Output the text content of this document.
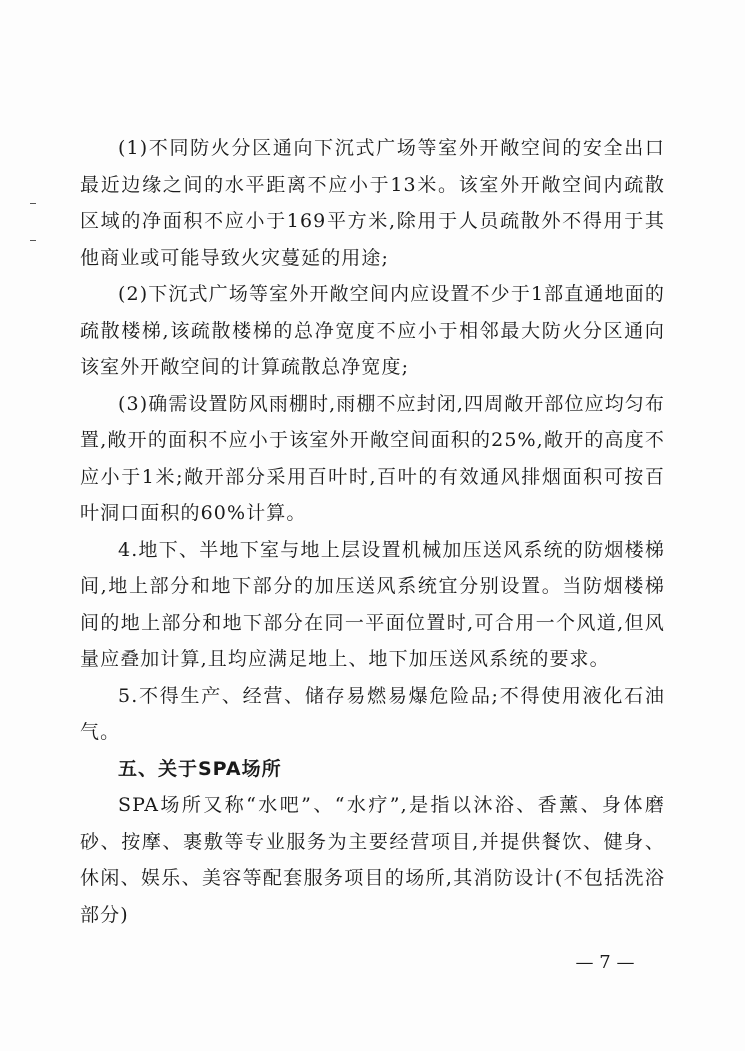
(1)不同防火分区通向下沉式广场等室外开敞空间的安全出口最近边缘之间的水平距离不应小于13米。该室外开敞空间内疏散区域的净面积不应小于169平方米,除用于人员疏散外不得用于其他商业或可能导致火灾蔓延的用途;

(2)下沉式广场等室外开敞空间内应设置不少于1部直通地面的疏散楼梯,该疏散楼梯的总净宽度不应小于相邻最大防火分区通向该室外开敞空间的计算疏散总净宽度;

(3)确需设置防风雨棚时,雨棚不应封闭,四周敞开部位应均匀布置,敞开的面积不应小于该室外开敞空间面积的25%,敞开的高度不应小于1米;敞开部分采用百叶时,百叶的有效通风排烟面积可按百叶洞口面积的60%计算。

4.地下、半地下室与地上层设置机械加压送风系统的防烟楼梯间,地上部分和地下部分的加压送风系统宜分别设置。当防烟楼梯间的地上部分和地下部分在同一平面位置时,可合用一个风道,但风量应叠加计算,且均应满足地上、地下加压送风系统的要求。

5.不得生产、经营、储存易燃易爆危险品;不得使用液化石油气。

五、关于SPA场所

SPA场所又称“水吧”、“水疗”,是指以沐浴、香薰、身体磨砂、按摩、裹敷等专业服务为主要经营项目,并提供餐饮、健身、休闲、娱乐、美容等配套服务项目的场所,其消防设计(不包括洗浴部分)

— 7 —
